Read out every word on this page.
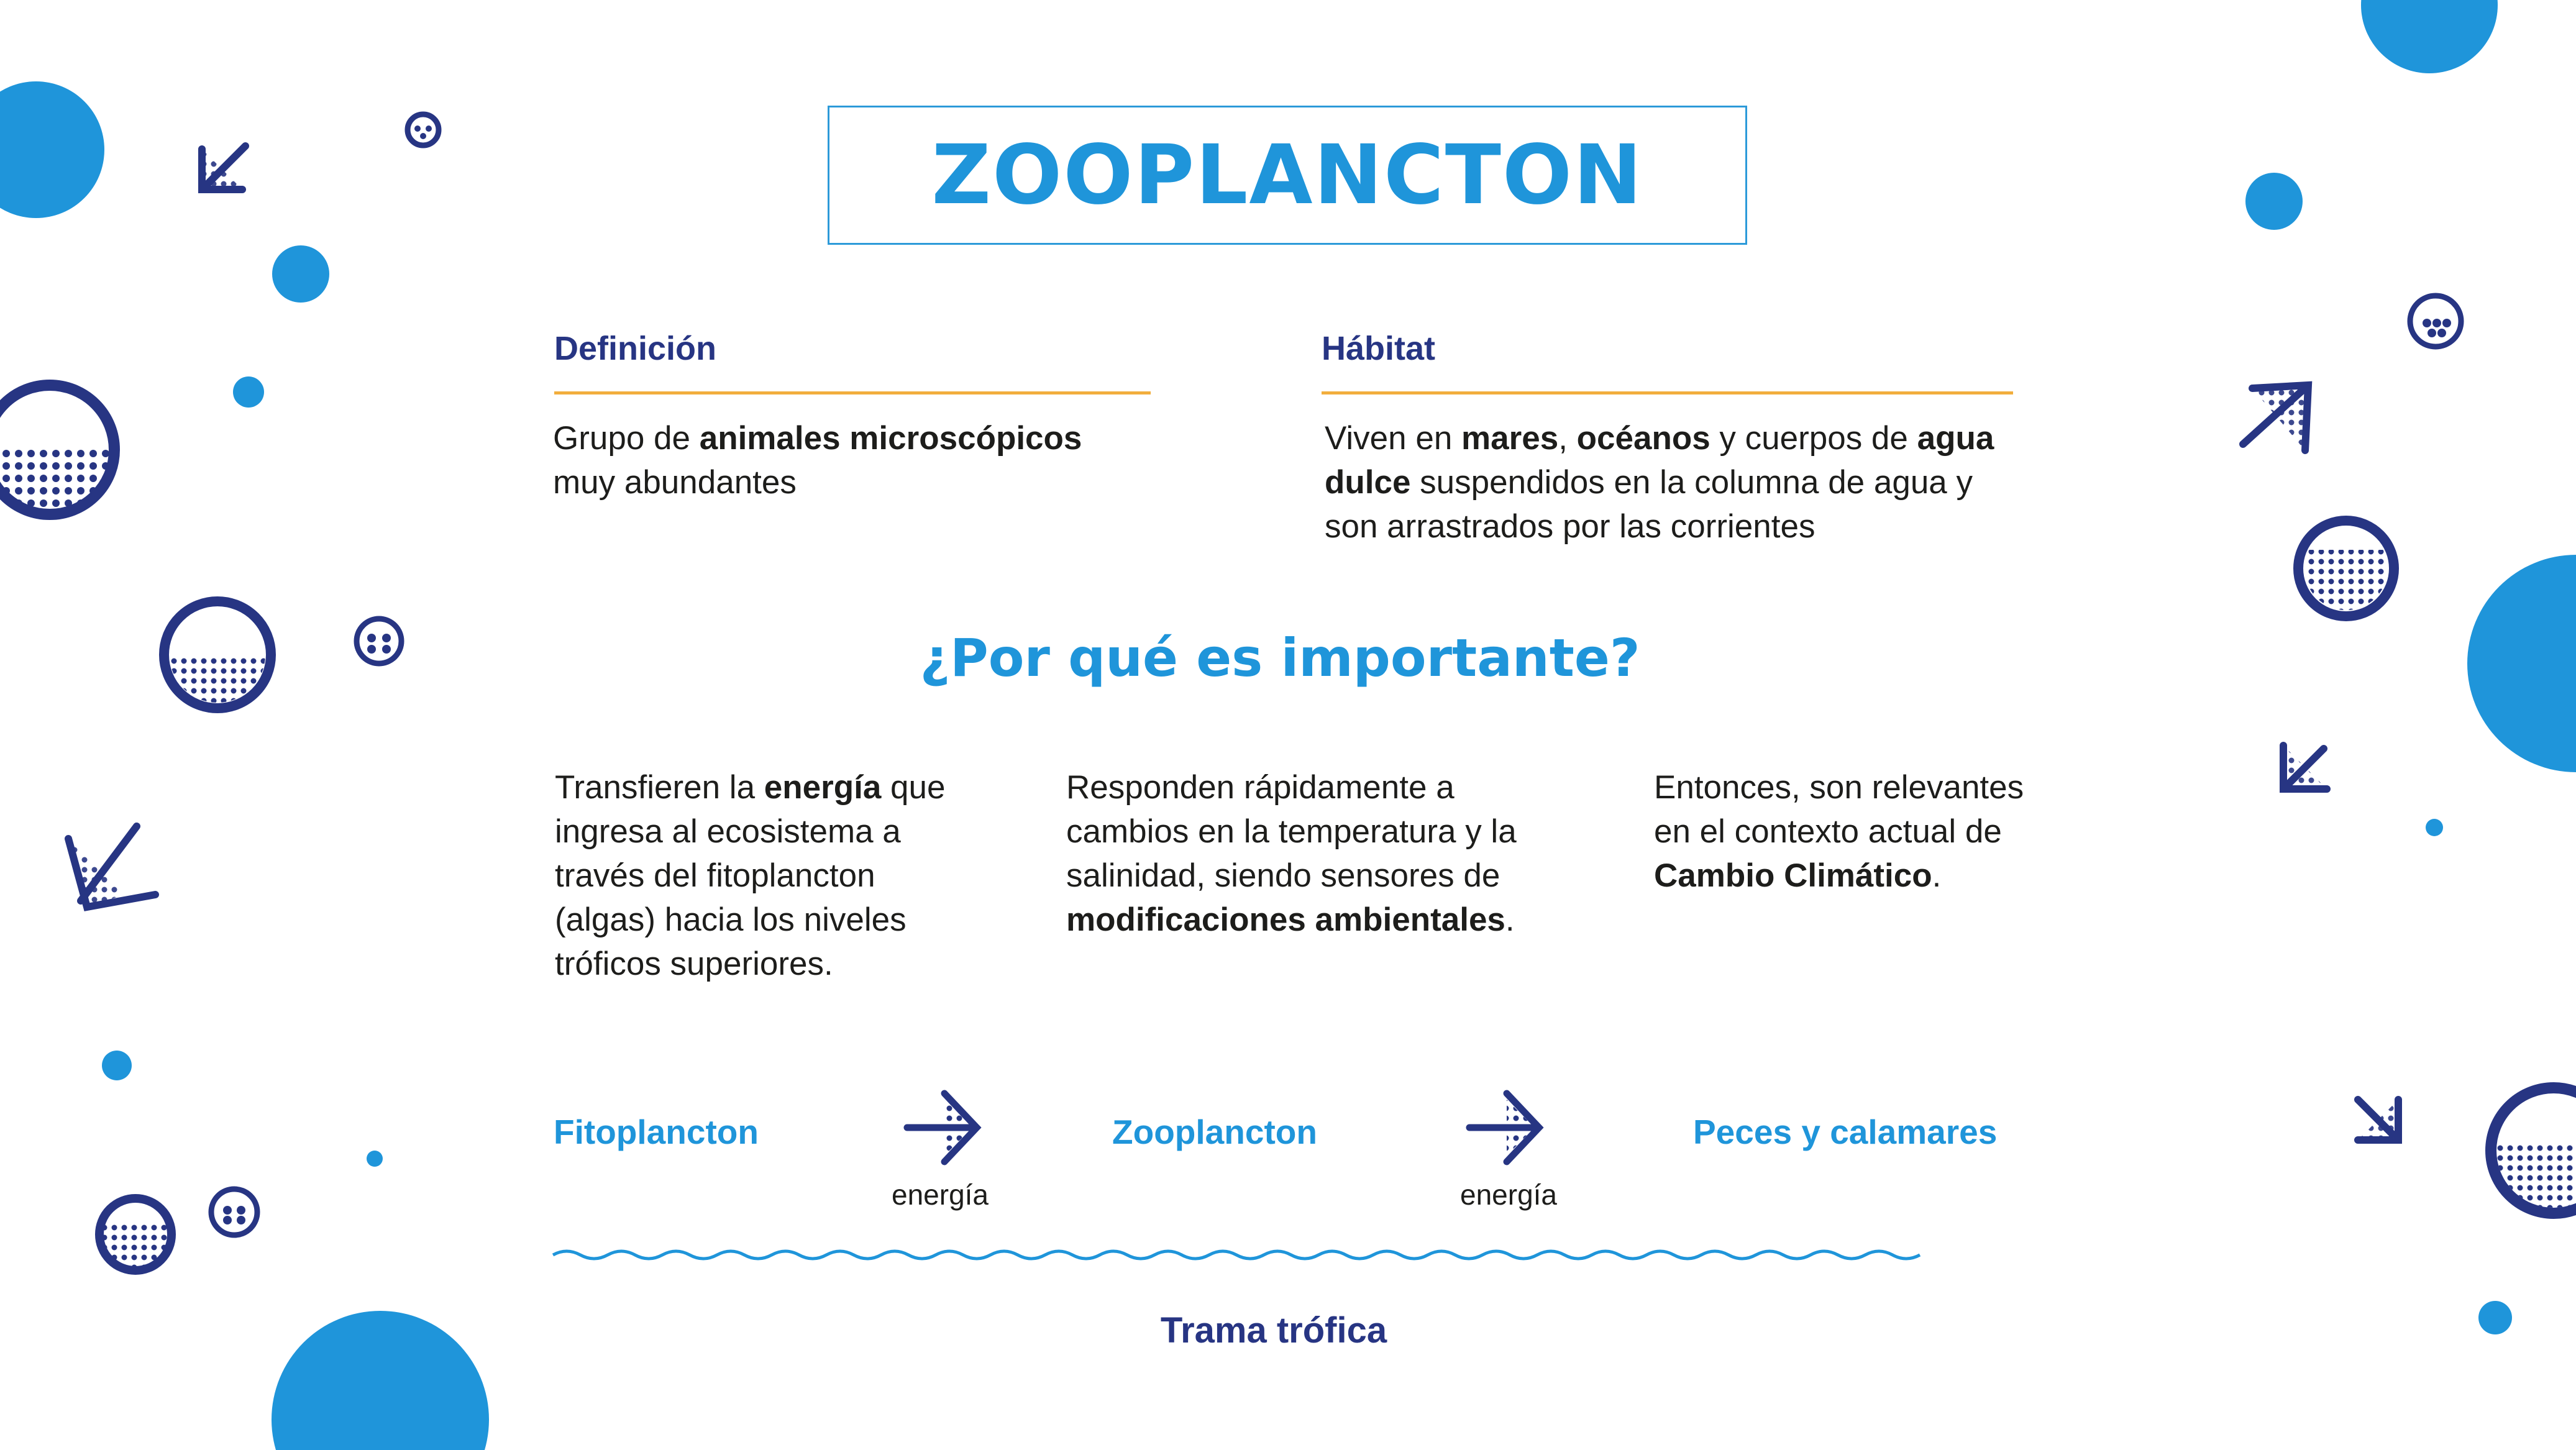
ZOOPLANCTON
Definición
Grupo de animales microscópicos
muy abundantes
Hábitat
Viven en mares, océanos y cuerpos de agua dulce suspendidos en la columna de agua y son arrastrados por las corrientes
¿Por qué es importante?
Transfieren la energía que ingresa al ecosistema a través del fitoplancton (algas) hacia los niveles tróficos superiores.
Responden rápidamente a cambios en la temperatura y la salinidad, siendo sensores de modificaciones ambientales.
Entonces, son relevantes en el contexto actual de Cambio Climático.
Fitoplancton	Zooplancton	Peces y calamares
energía	energía
Trama trófica
